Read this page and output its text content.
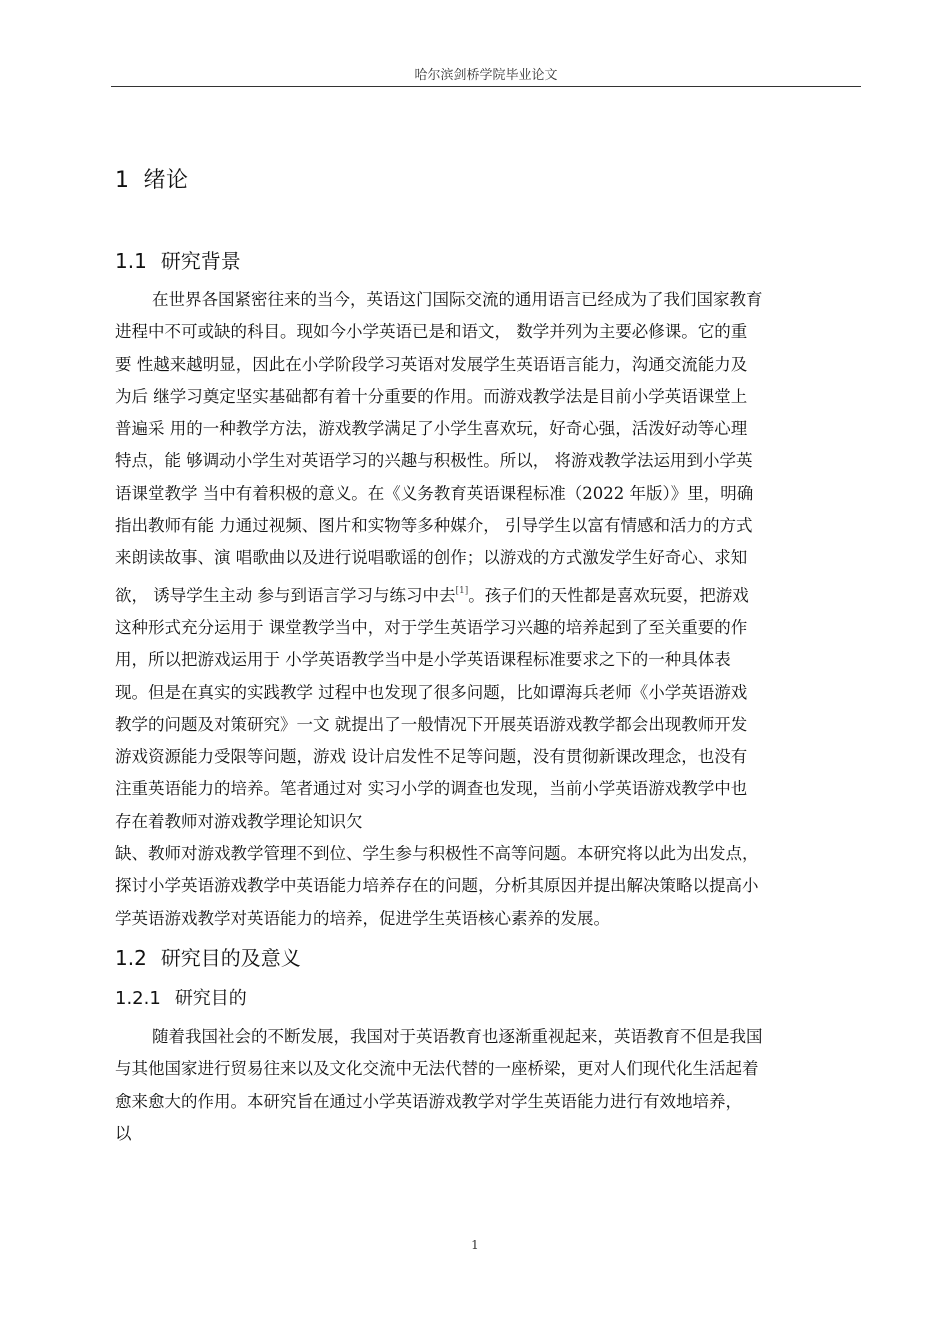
哈尔滨剑桥学院毕业论文
1 绪论
1.1 研究背景
在世界各国紧密往来的当今，英语这门国际交流的通用语言已经成为了我们国家教育
进程中不可或缺的科目。现如今小学英语已是和语文， 数学并列为主要必修课。它的重
要 性越来越明显，因此在小学阶段学习英语对发展学生英语语言能力，沟通交流能力及
为后 继学习奠定坚实基础都有着十分重要的作用。而游戏教学法是目前小学英语课堂上
普遍采 用的一种教学方法，游戏教学满足了小学生喜欢玩，好奇心强，活泼好动等心理
特点，能 够调动小学生对英语学习的兴趣与积极性。所以， 将游戏教学法运用到小学英
语课堂教学 当中有着积极的意义。在《义务教育英语课程标准（2022 年版）》里，明确
指出教师有能 力通过视频、图片和实物等多种媒介， 引导学生以富有情感和活力的方式
来朗读故事、演 唱歌曲以及进行说唱歌谣的创作；以游戏的方式激发学生好奇心、求知
欲， 诱导学生主动 参与到语言学习与练习中去[1]。孩子们的天性都是喜欢玩耍，把游戏
这种形式充分运用于 课堂教学当中，对于学生英语学习兴趣的培养起到了至关重要的作
用，所以把游戏运用于 小学英语教学当中是小学英语课程标准要求之下的一种具体表
现。但是在真实的实践教学 过程中也发现了很多问题，比如谭海兵老师《小学英语游戏
教学的问题及对策研究》一文 就提出了一般情况下开展英语游戏教学都会出现教师开发
游戏资源能力受限等问题，游戏 设计启发性不足等问题，没有贯彻新课改理念，也没有
注重英语能力的培养。笔者通过对 实习小学的调查也发现，当前小学英语游戏教学中也
存在着教师对游戏教学理论知识欠
缺、教师对游戏教学管理不到位、学生参与积极性不高等问题。本研究将以此为出发点，
探讨小学英语游戏教学中英语能力培养存在的问题，分析其原因并提出解决策略以提高小
学英语游戏教学对英语能力的培养，促进学生英语核心素养的发展。
1.2 研究目的及意义
1.2.1 研究目的
随着我国社会的不断发展，我国对于英语教育也逐渐重视起来，英语教育不但是我国
与其他国家进行贸易往来以及文化交流中无法代替的一座桥梁，更对人们现代化生活起着
愈来愈大的作用。本研究旨在通过小学英语游戏教学对学生英语能力进行有效地培养，
以
1
